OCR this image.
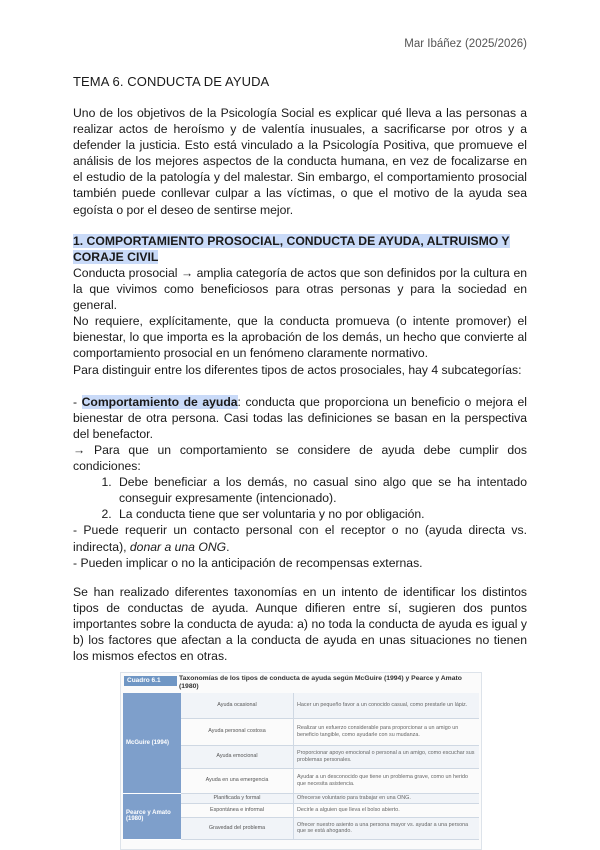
Mar Ibáñez (2025/2026)
TEMA 6. CONDUCTA DE AYUDA
Uno de los objetivos de la Psicología Social es explicar qué lleva a las personas a realizar actos de heroísmo y de valentía inusuales, a sacrificarse por otros y a defender la justicia. Esto está vinculado a la Psicología Positiva, que promueve el análisis de los mejores aspectos de la conducta humana, en vez de focalizarse en el estudio de la patología y del malestar. Sin embargo, el comportamiento prosocial también puede conllevar culpar a las víctimas, o que el motivo de la ayuda sea egoísta o por el deseo de sentirse mejor.
1. COMPORTAMIENTO PROSOCIAL, CONDUCTA DE AYUDA, ALTRUISMO Y CORAJE CIVIL

Conducta prosocial → amplia categoría de actos que son definidos por la cultura en la que vivimos como beneficiosos para otras personas y para la sociedad en general.

No requiere, explícitamente, que la conducta promueva (o intente promover) el bienestar, lo que importa es la aprobación de los demás, un hecho que convierte al comportamiento prosocial en un fenómeno claramente normativo.

Para distinguir entre los diferentes tipos de actos prosociales, hay 4 subcategorías:

- Comportamiento de ayuda: conducta que proporciona un beneficio o mejora el bienestar de otra persona. Casi todas las definiciones se basan en la perspectiva del benefactor.

→ Para que un comportamiento se considere de ayuda debe cumplir dos condiciones:

1. Debe beneficiar a los demás, no casual sino algo que se ha intentado conseguir expresamente (intencionado).
2. La conducta tiene que ser voluntaria y no por obligación.

- Puede requerir un contacto personal con el receptor o no (ayuda directa vs. indirecta), donar a una ONG.

- Pueden implicar o no la anticipación de recompensas externas.

Se han realizado diferentes taxonomías en un intento de identificar los distintos tipos de conductas de ayuda. Aunque difieren entre sí, sugieren dos puntos importantes sobre la conducta de ayuda: a) no toda la conducta de ayuda es igual y b) los factores que afectan a la conducta de ayuda en unas situaciones no tienen los mismos efectos en otras.
Cuadro 6.1	Taxonomías de los tipos de conducta de ayuda según McGuire (1994) y Pearce y Amato (1980)
McGuire (1994)	Ayuda ocasional	Hacer un pequeño favor a un conocido casual, como prestarle un lápiz.
	Ayuda personal costosa	Realizar un esfuerzo considerable para proporcionar a un amigo un beneficio tangible, como ayudarle con su mudanza.
	Ayuda emocional	Proporcionar apoyo emocional o personal a un amigo, como escuchar sus problemas personales.
	Ayuda en una emergencia	Ayudar a un desconocido que tiene un problema grave, como un herido que necesita asistencia.
Pearce y Amato (1980)	Planificada y formal	Ofrecerse voluntario para trabajar en una ONG.
	Espontánea e informal	Decirle a alguien que lleva el bolso abierto.
	Gravedad del problema	Ofrecer nuestro asiento a una persona mayor vs. ayudar a una persona que se está ahogando.
